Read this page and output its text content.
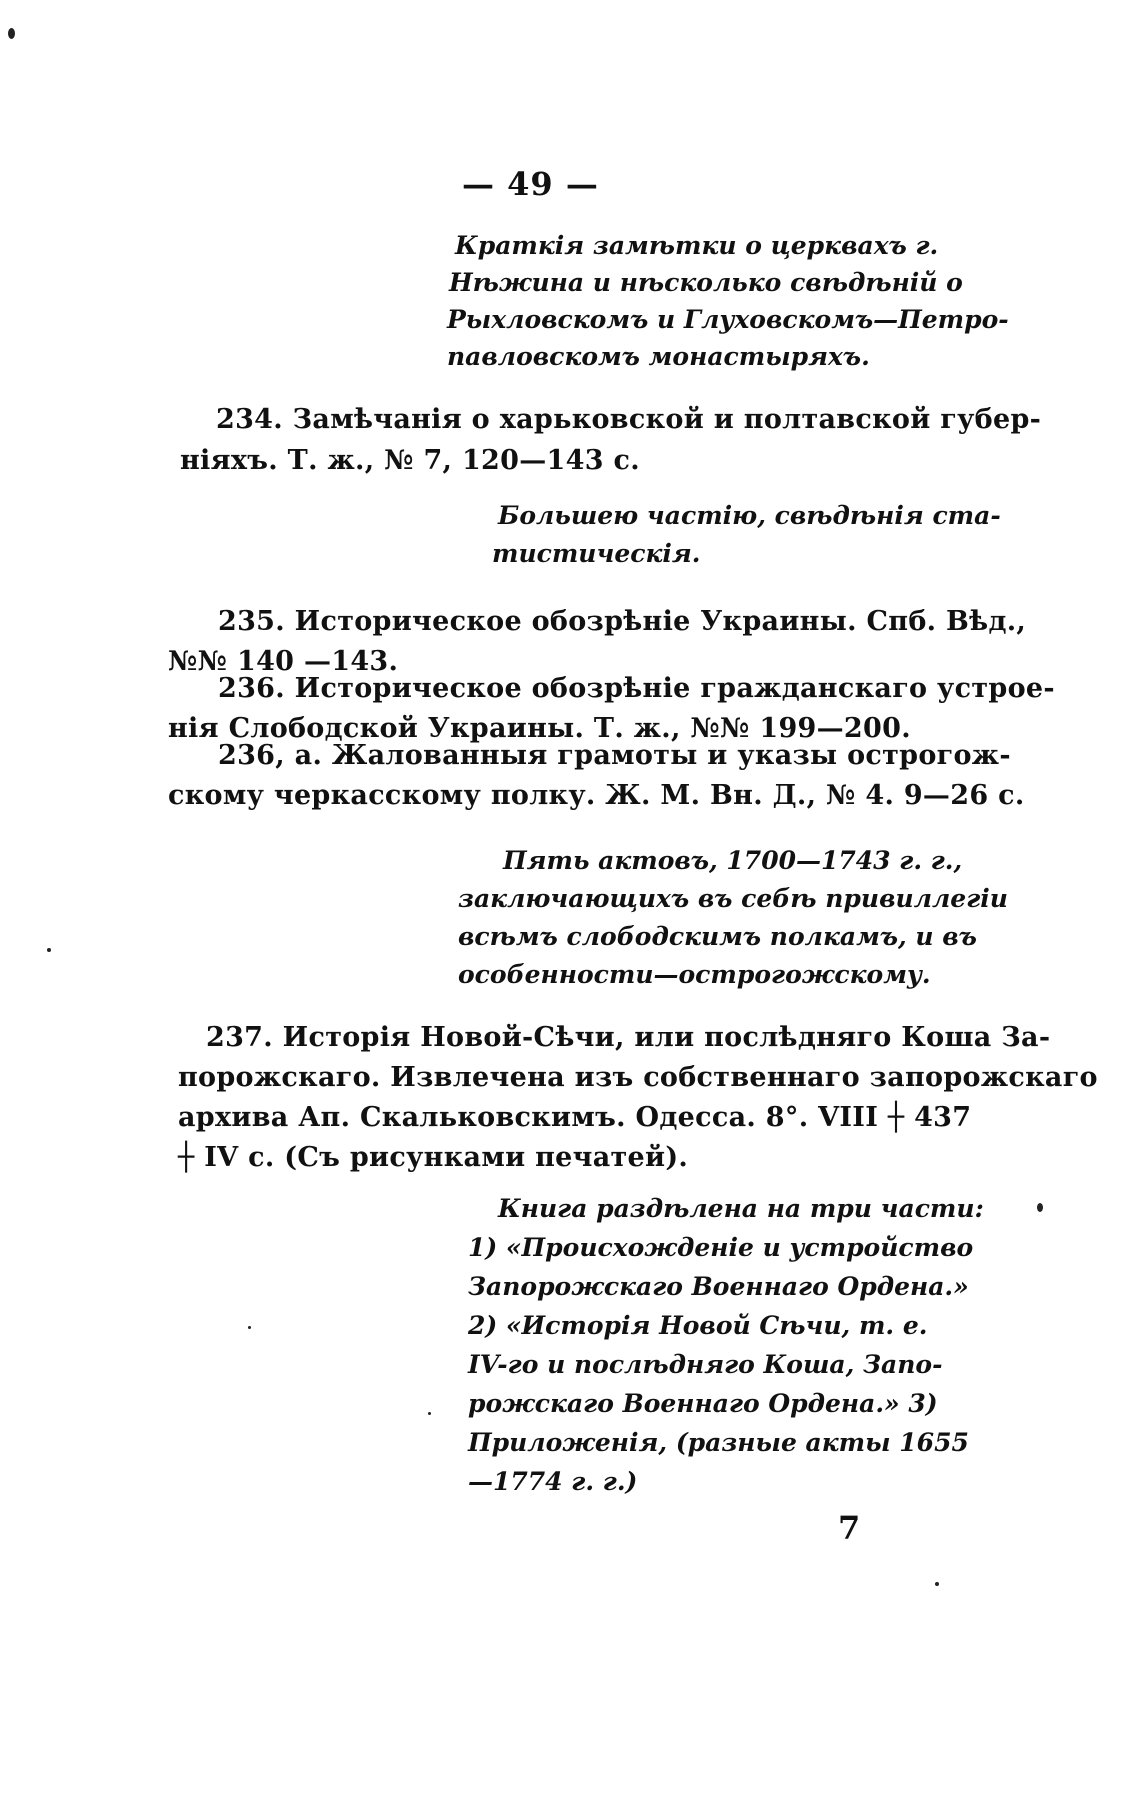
— 49 —
Краткія замѣтки о церквахъ г.
Нѣжина и нѣсколько свѣдѣній о
Рыхловскомъ и Глуховскомъ—Петро-
павловскомъ монастыряхъ.
234. Замѣчанія о харьковской и полтавской губер-
ніяхъ. Т. ж., № 7, 120—143 с.
Большею частію, свѣдѣнія ста-
тистическія.
235. Историческое обозрѣніе Украины. Спб. Вѣд.,
№№ 140 —143.
236. Историческое обозрѣніе гражданскаго устрое-
нія Слободской Украины. Т. ж., №№ 199—200.
236, а. Жалованныя грамоты и указы острогож-
скому черкасскому полку. Ж. М. Вн. Д., № 4. 9—26 с.
Пять актовъ, 1700—1743 г. г.,
заключающихъ въ себѣ привиллегіи
всѣмъ слободскимъ полкамъ, и въ
особенности—острогожскому.
237. Исторія Новой-Сѣчи, или послѣдняго Коша За-
порожскаго. Извлечена изъ собственнаго запорожскаго
архива Ап. Скальковскимъ. Одесса. 8°. VIII ┼ 437
┼ IV с. (Съ рисунками печатей).
Книга раздѣлена на три части:
1) «Происхожденіе и устройство
Запорожскаго Военнаго Ордена.»
2) «Исторія Новой Сѣчи, т. е.
IV-го и послѣдняго Коша, Запо-
рожскаго Военнаго Ордена.» 3)
Приложенія, (разные акты 1655
—1774 г. г.)
7
